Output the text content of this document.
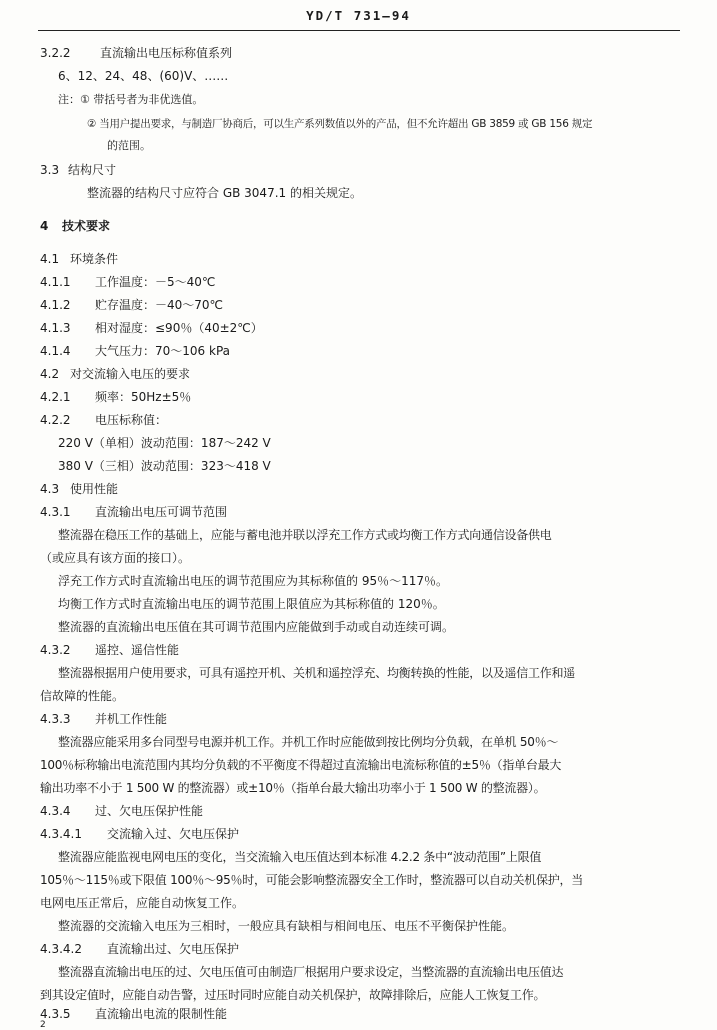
YD/T 731—94
3.2.2 直流输出电压标称值系列
6、12、24、48、(60)V、……
注：① 带括号者为非优选值。
② 当用户提出要求，与制造厂协商后，可以生产系列数值以外的产品，但不允许超出 GB 3859 或 GB 156 规定
的范围。
3.3 结构尺寸
整流器的结构尺寸应符合 GB 3047.1 的相关规定。
4 技术要求
4.1 环境条件
4.1.1 工作温度：－5～40℃
4.1.2 贮存温度：－40～70℃
4.1.3 相对湿度：≤90％（40±2℃）
4.1.4 大气压力：70～106 kPa
4.2 对交流输入电压的要求
4.2.1 频率：50Hz±5％
4.2.2 电压标称值：
220 V（单相）波动范围：187～242 V
380 V（三相）波动范围：323～418 V
4.3 使用性能
4.3.1 直流输出电压可调节范围
整流器在稳压工作的基础上，应能与蓄电池并联以浮充工作方式或均衡工作方式向通信设备供电
（或应具有该方面的接口）。
浮充工作方式时直流输出电压的调节范围应为其标称值的 95％～117％。
均衡工作方式时直流输出电压的调节范围上限值应为其标称值的 120％。
整流器的直流输出电压值在其可调节范围内应能做到手动或自动连续可调。
4.3.2 遥控、遥信性能
整流器根据用户使用要求，可具有遥控开机、关机和遥控浮充、均衡转换的性能，以及遥信工作和遥
信故障的性能。
4.3.3 并机工作性能
整流器应能采用多台同型号电源并机工作。并机工作时应能做到按比例均分负载，在单机 50％～
100％标称输出电流范围内其均分负载的不平衡度不得超过直流输出电流标称值的±5％（指单台最大
输出功率不小于 1 500 W 的整流器）或±10％（指单台最大输出功率小于 1 500 W 的整流器）。
4.3.4 过、欠电压保护性能
4.3.4.1 交流输入过、欠电压保护
整流器应能监视电网电压的变化，当交流输入电压值达到本标准 4.2.2 条中“波动范围”上限值
105％～115％或下限值 100％～95％时，可能会影响整流器安全工作时，整流器可以自动关机保护，当
电网电压正常后，应能自动恢复工作。
整流器的交流输入电压为三相时，一般应具有缺相与相间电压、电压不平衡保护性能。
4.3.4.2 直流输出过、欠电压保护
整流器直流输出电压的过、欠电压值可由制造厂根据用户要求设定，当整流器的直流输出电压值达
到其设定值时，应能自动告警，过压时同时应能自动关机保护，故障排除后，应能人工恢复工作。
4.3.5 直流输出电流的限制性能
2
